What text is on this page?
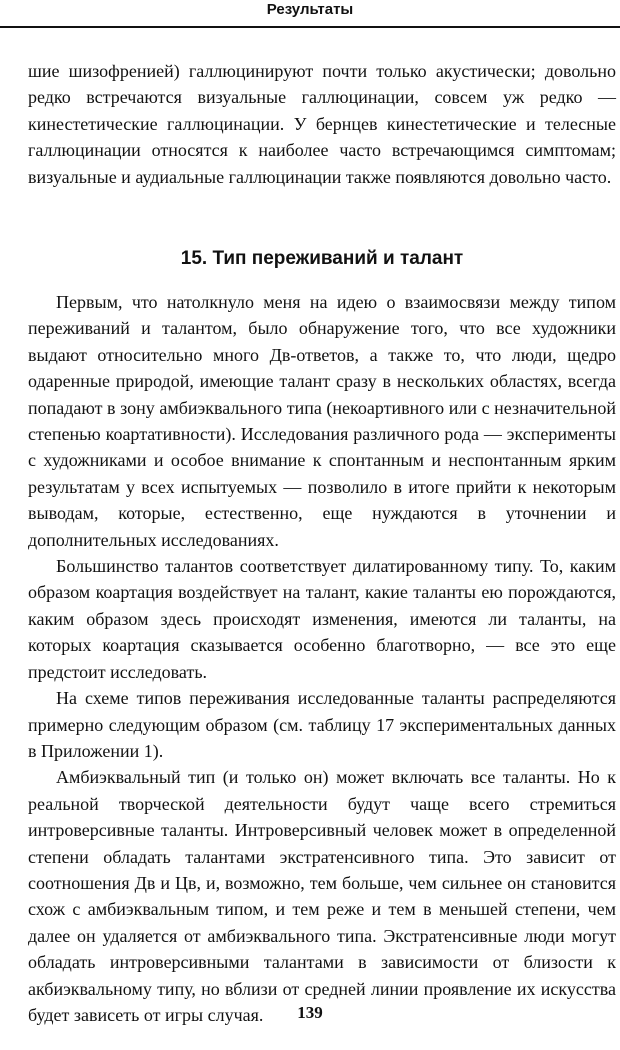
Результаты

шие шизофренией) галлюцинируют почти только акустически; довольно редко встречаются визуальные галлюцинации, совсем уж редко — кинестетические галлюцинации. У бернцев кинестетические и телесные галлюцинации относятся к наиболее часто встречающимся симптомам; визуальные и аудиальные галлюцинации также появляются довольно часто.

15. Тип переживаний и талант

Первым, что натолкнуло меня на идею о взаимосвязи между типом переживаний и талантом, было обнаружение того, что все художники выдают относительно много Дв-ответов, а также то, что люди, щедро одаренные природой, имеющие талант сразу в нескольких областях, всегда попадают в зону амбиэквального типа (некоартивного или с незначительной степенью коартативности). Исследования различного рода — эксперименты с художниками и особое внимание к спонтанным и неспонтанным ярким результатам у всех испытуемых — позволило в итоге прийти к некоторым выводам, которые, естественно, еще нуждаются в уточнении и дополнительных исследованиях.

Большинство талантов соответствует дилатированному типу. То, каким образом коартация воздействует на талант, какие таланты ею порождаются, каким образом здесь происходят изменения, имеются ли таланты, на которых коартация сказывается особенно благотворно, — все это еще предстоит исследовать.

На схеме типов переживания исследованные таланты распределяются примерно следующим образом (см. таблицу 17 экспериментальных данных в Приложении 1).

Амбиэквальный тип (и только он) может включать все таланты. Но к реальной творческой деятельности будут чаще всего стремиться интроверсивные таланты. Интроверсивный человек может в определенной степени обладать талантами экстратенсивного типа. Это зависит от соотношения Дв и Цв, и, возможно, тем больше, чем сильнее он становится схож с амбиэквальным типом, и тем реже и тем в меньшей степени, чем далее он удаляется от амбиэквального типа. Экстратенсивные люди могут обладать интроверсивными талантами в зависимости от близости к акбиэквальному типу, но вблизи от средней линии проявление их искусства будет зависеть от игры случая.	139
